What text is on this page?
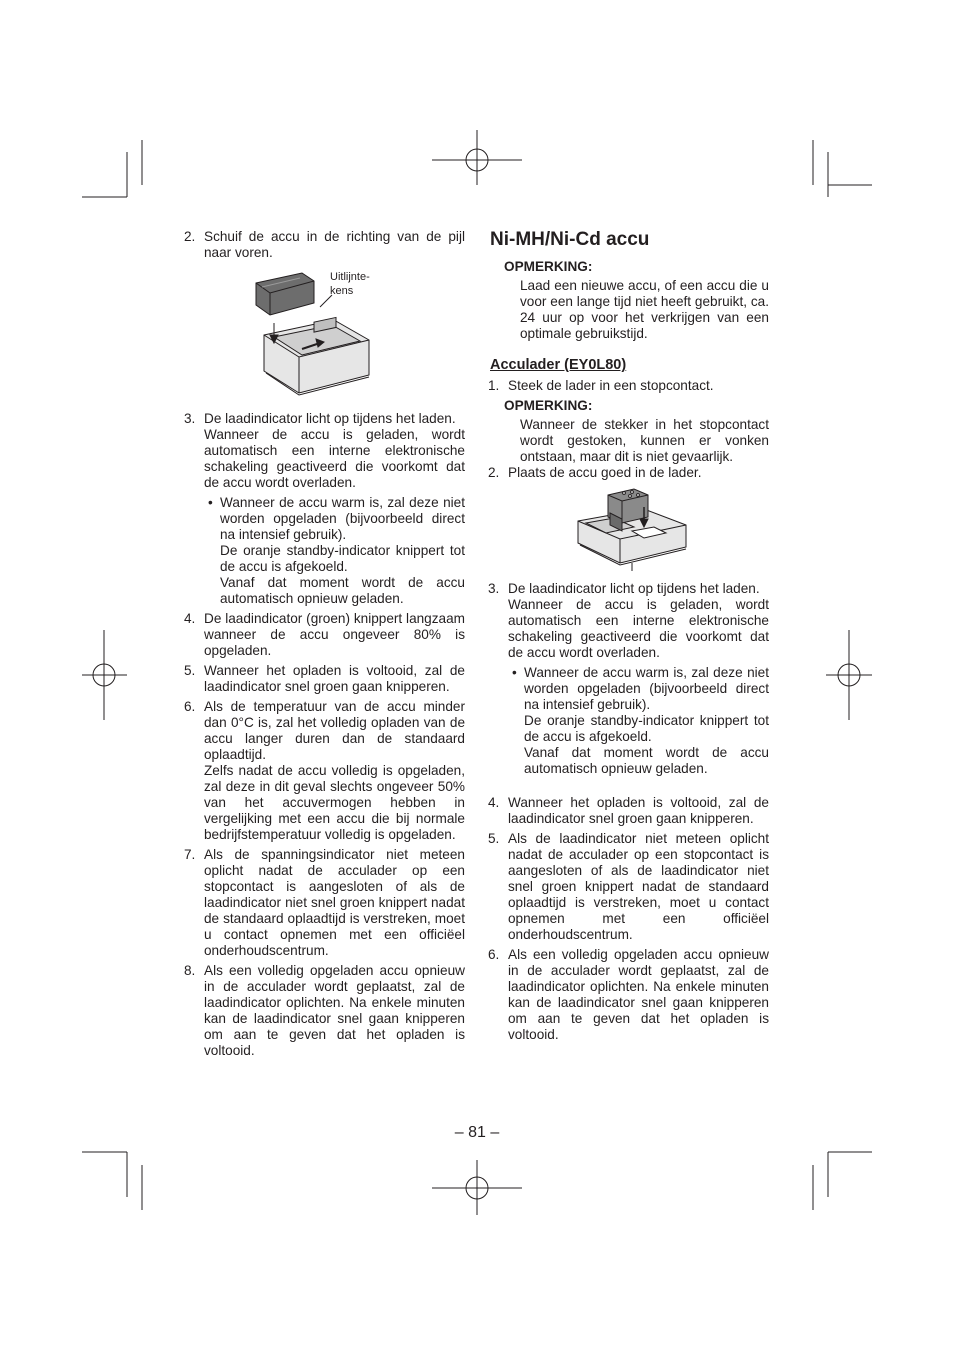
2. Schuif de accu in de richting van de pijl naar voren.

Uitlijnte-
kens
3. De laadindicator licht op tijdens het laden.

Wanneer de accu is geladen, wordt automatisch een interne elektronische schakeling geactiveerd die voorkomt dat de accu wordt overladen.

• Wanneer de accu warm is, zal deze niet worden opgeladen (bijvoorbeeld direct na intensief gebruik).

De oranje standby-indicator knippert tot de accu is afgekoeld.

Vanaf dat moment wordt de accu automatisch opnieuw geladen.

4. De laadindicator (groen) knippert langzaam wanneer de accu ongeveer 80% is opgeladen.

5. Wanneer het opladen is voltooid, zal de laadindicator snel groen gaan knipperen.

6. Als de temperatuur van de accu minder dan 0°C is, zal het volledig opladen van de accu langer duren dan de standaard oplaadtijd.

Zelfs nadat de accu volledig is opgeladen, zal deze in dit geval slechts ongeveer 50% van het accuvermogen hebben in vergelijking met een accu die bij normale bedrijfstemperatuur volledig is opgeladen.

7. Als de spanningsindicator niet meteen oplicht nadat de acculader op een stopcontact is aangesloten of als de laadindicator niet snel groen knippert nadat de standaard oplaadtijd is verstreken, moet u contact opnemen met een officiëel onderhoudscentrum.

8. Als een volledig opgeladen accu opnieuw in de acculader wordt geplaatst, zal de laadindicator oplichten. Na enkele minuten kan de laadindicator snel gaan knipperen om aan te geven dat het opladen is voltooid.

Ni-MH/Ni-Cd accu
OPMERKING:

Laad een nieuwe accu, of een accu die u voor een lange tijd niet heeft gebruikt, ca. 24 uur op voor het verkrijgen van een optimale gebruikstijd.

Acculader (EY0L80)
1. Steek de lader in een stopcontact.

OPMERKING:

Wanneer de stekker in het stopcontact wordt gestoken, kunnen er vonken ontstaan, maar dit is niet gevaarlijk.

2. Plaats de accu goed in de lader.

3. De laadindicator licht op tijdens het laden.

Wanneer de accu is geladen, wordt automatisch een interne elektronische schakeling geactiveerd die voorkomt dat de accu wordt overladen.

• Wanneer de accu warm is, zal deze niet worden opgeladen (bijvoorbeeld direct na intensief gebruik).

De oranje standby-indicator knippert tot de accu is afgekoeld.

Vanaf dat moment wordt de accu automatisch opnieuw geladen.

4. Wanneer het opladen is voltooid, zal de laadindicator snel groen gaan knipperen.

5. Als de laadindicator niet meteen oplicht nadat de acculader op een stopcontact is aangesloten of als de laadindicator niet snel groen knippert nadat de standaard oplaadtijd is verstreken, moet u contact opnemen met een officiëel onderhoudscentrum.

6. Als een volledig opgeladen accu opnieuw in de acculader wordt geplaatst, zal de laadindicator oplichten. Na enkele minuten kan de laadindicator snel gaan knipperen om aan te geven dat het opladen is voltooid.

– 81 –
